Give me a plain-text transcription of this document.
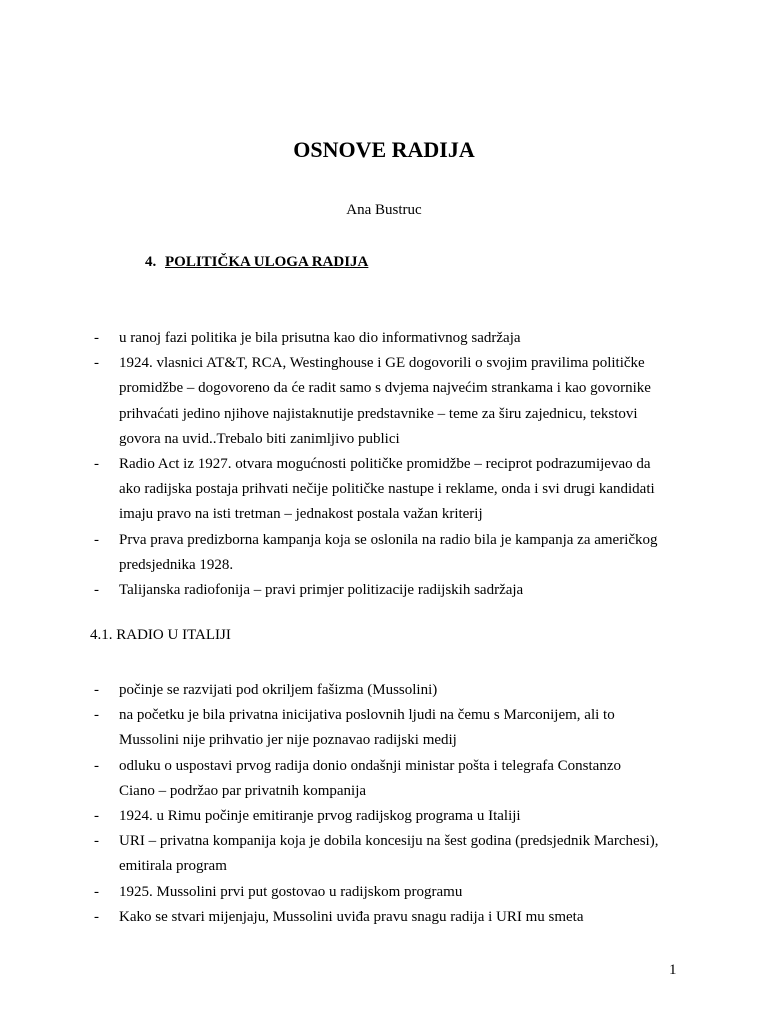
OSNOVE RADIJA
Ana Bustruc
4. POLITIČKA ULOGA RADIJA
- u ranoj fazi politika je bila prisutna kao dio informativnog sadržaja
- 1924. vlasnici AT&T, RCA, Westinghouse i GE dogovorili o svojim pravilima političke
promidžbe – dogovoreno da će radit samo s dvjema najvećim strankama i kao govornike
prihvaćati jedino njihove najistaknutije predstavnike – teme za širu zajednicu, tekstovi
govora na uvid..Trebalo biti zanimljivo publici
- Radio Act iz 1927. otvara mogućnosti političke promidžbe – reciprot podrazumijevao da
ako radijska postaja prihvati nečije političke nastupe i reklame, onda i svi drugi kandidati
imaju pravo na isti tretman – jednakost postala važan kriterij
- Prva prava predizborna kampanja koja se oslonila na radio bila je kampanja za američkog
predsjednika 1928.
- Talijanska radiofonija – pravi primjer politizacije radijskih sadržaja
4.1. RADIO U ITALIJI
- počinje se razvijati pod okriljem fašizma (Mussolini)
- na početku je bila privatna inicijativa poslovnih ljudi na čemu s Marconijem, ali to
Mussolini nije prihvatio jer nije poznavao radijski medij
- odluku o uspostavi prvog radija donio ondašnji ministar pošta i telegrafa Constanzo
Ciano – podržao par privatnih kompanija
- 1924. u Rimu počinje emitiranje prvog radijskog programa u Italiji
- URI – privatna kompanija koja je dobila koncesiju na šest godina (predsjednik Marchesi),
emitirala program
- 1925. Mussolini prvi put gostovao u radijskom programu
- Kako se stvari mijenjaju, Mussolini uviđa pravu snagu radija i URI mu smeta
1
